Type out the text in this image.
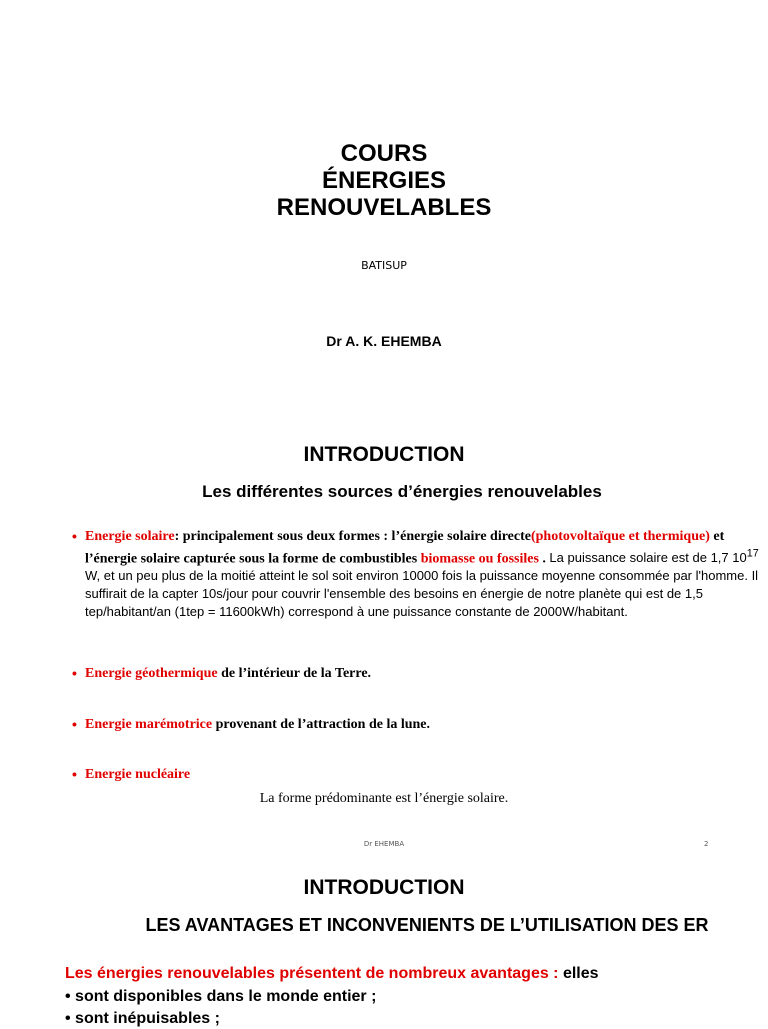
COURS
ÉNERGIES
RENOUVELABLES
BATISUP
Dr A. K. EHEMBA
INTRODUCTION
Les différentes sources d’énergies renouvelables
• Energie solaire: principalement sous deux formes : l’énergie solaire directe(photovoltaïque et thermique) et l’énergie solaire capturée sous la forme de combustibles biomasse ou fossiles . La puissance solaire est de 1,7 $10^{17}$ W, et un peu plus de la moitié atteint le sol soit environ 10000 fois la puissance moyenne consommée par l'homme. Il suffirait de la capter 10s/jour pour couvrir l'ensemble des besoins en énergie de notre planète qui est de 1,5 tep/habitant/an (1tep = 11600kWh) correspond à une puissance constante de 2000W/habitant.
• Energie géothermique de l’intérieur de la Terre.
• Energie marémotrice provenant de l’attraction de la lune.
• Energie nucléaire
La forme prédominante est l’énergie solaire.
Dr EHEMBA	2
INTRODUCTION
LES AVANTAGES ET INCONVENIENTS DE L’UTILISATION DES ER
Les énergies renouvelables présentent de nombreux avantages : elles
• sont disponibles dans le monde entier ;
• sont inépuisables ;
